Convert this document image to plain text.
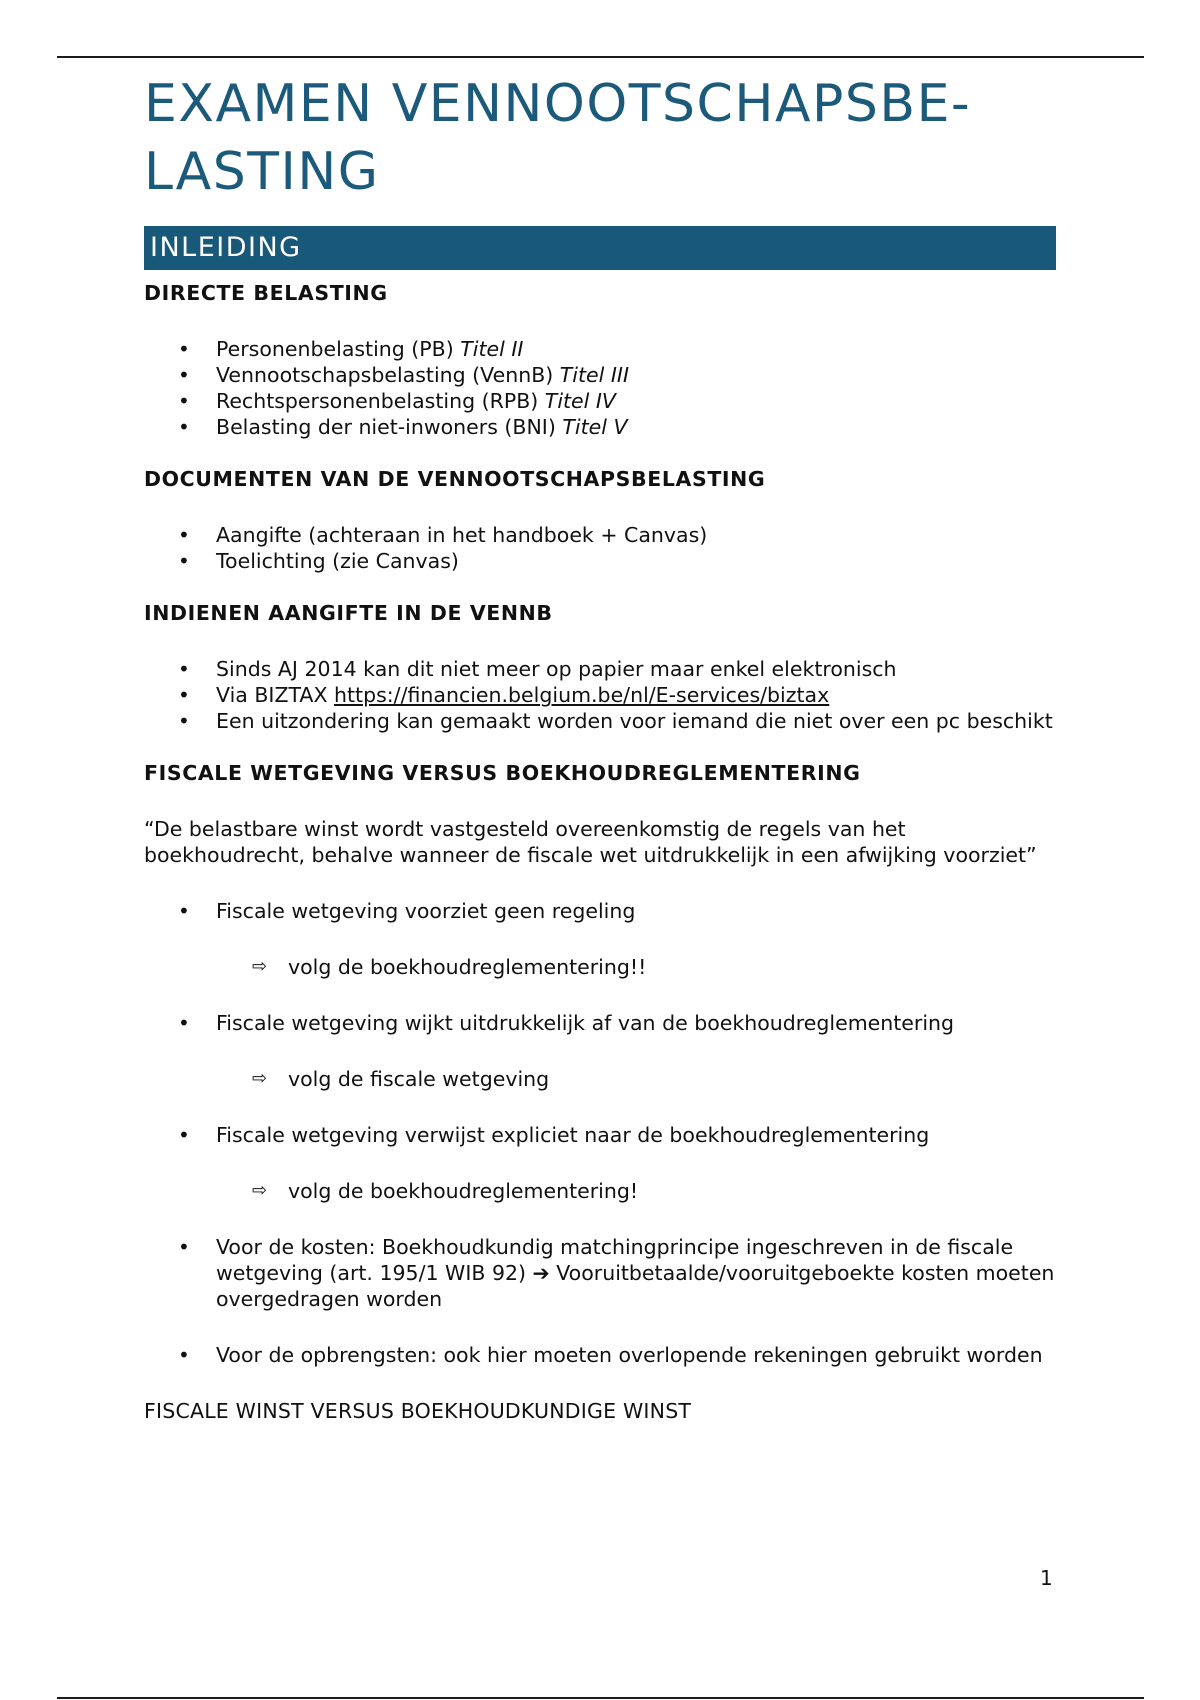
EXAMEN VENNOOTSCHAPSBE-
LASTING
INLEIDING
DIRECTE BELASTING
• Personenbelasting (PB) Titel II
• Vennootschapsbelasting (VennB) Titel III
• Rechtspersonenbelasting (RPB) Titel IV
• Belasting der niet-inwoners (BNI) Titel V
DOCUMENTEN VAN DE VENNOOTSCHAPSBELASTING
• Aangifte (achteraan in het handboek + Canvas)
• Toelichting (zie Canvas)
INDIENEN AANGIFTE IN DE VENNB
• Sinds AJ 2014 kan dit niet meer op papier maar enkel elektronisch
• Via BIZTAX https://financien.belgium.be/nl/E-services/biztax
• Een uitzondering kan gemaakt worden voor iemand die niet over een pc beschikt
FISCALE WETGEVING VERSUS BOEKHOUDREGLEMENTERING

“De belastbare winst wordt vastgesteld overeenkomstig de regels van het boekhoudrecht, behalve wanneer de fiscale wet uitdrukkelijk in een afwijking voorziet”

• Fiscale wetgeving voorziet geen regeling
⇨ volg de boekhoudreglementering!!
• Fiscale wetgeving wijkt uitdrukkelijk af van de boekhoudreglementering
⇨ volg de fiscale wetgeving
• Fiscale wetgeving verwijst expliciet naar de boekhoudreglementering
⇨ volg de boekhoudreglementering!
• Voor de kosten: Boekhoudkundig matchingprincipe ingeschreven in de fiscale wetgeving (art. 195/1 WIB 92) ➔ Vooruitbetaalde/vooruitgeboekte kosten moeten overgedragen worden
• Voor de opbrengsten: ook hier moeten overlopende rekeningen gebruikt worden
FISCALE WINST VERSUS BOEKHOUDKUNDIGE WINST
1
